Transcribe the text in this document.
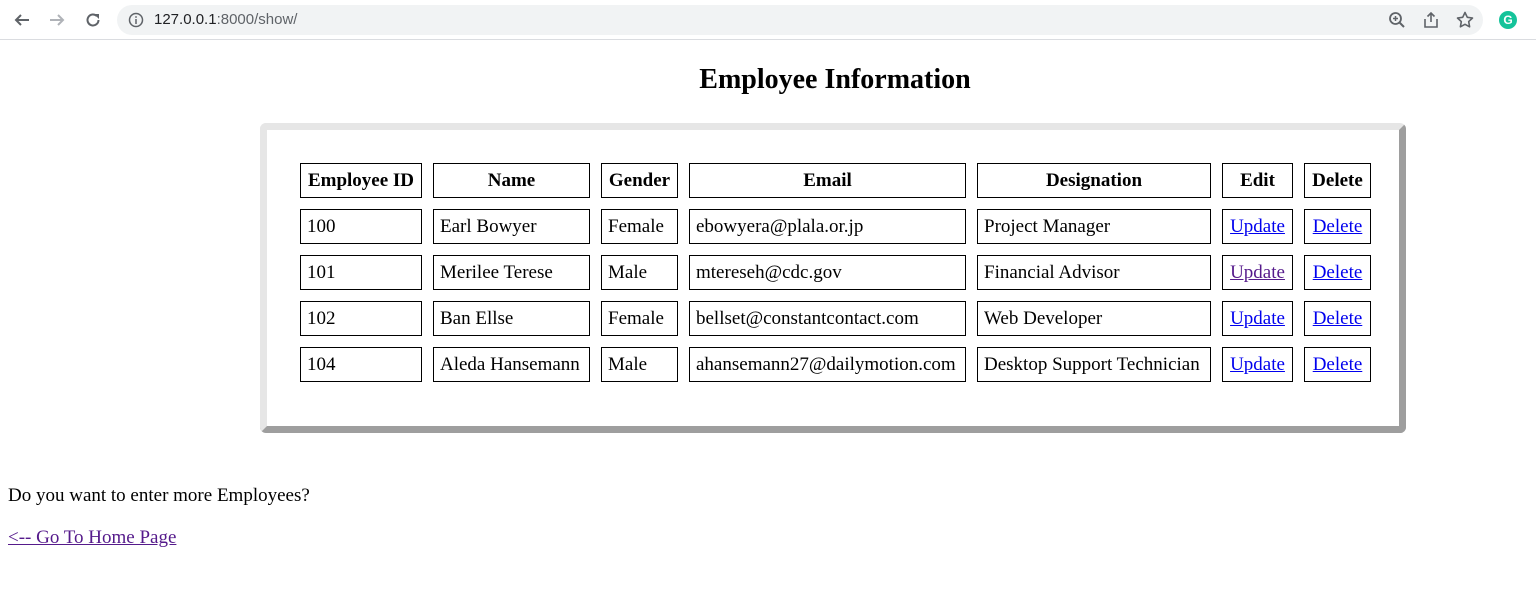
127.0.0.1:8000/show/	G
Employee Information
Employee ID	Name	Gender	Email	Designation	Edit	Delete
100	Earl Bowyer	Female	ebowyera@plala.or.jp	Project Manager	Update	Delete
101	Merilee Terese	Male	mtereseh@cdc.gov	Financial Advisor	Update	Delete
102	Ban Ellse	Female	bellset@constantcontact.com	Web Developer	Update	Delete
104	Aleda Hansemann	Male	ahansemann27@dailymotion.com	Desktop Support Technician	Update	Delete

Do you want to enter more Employees?

<-- Go To Home Page
